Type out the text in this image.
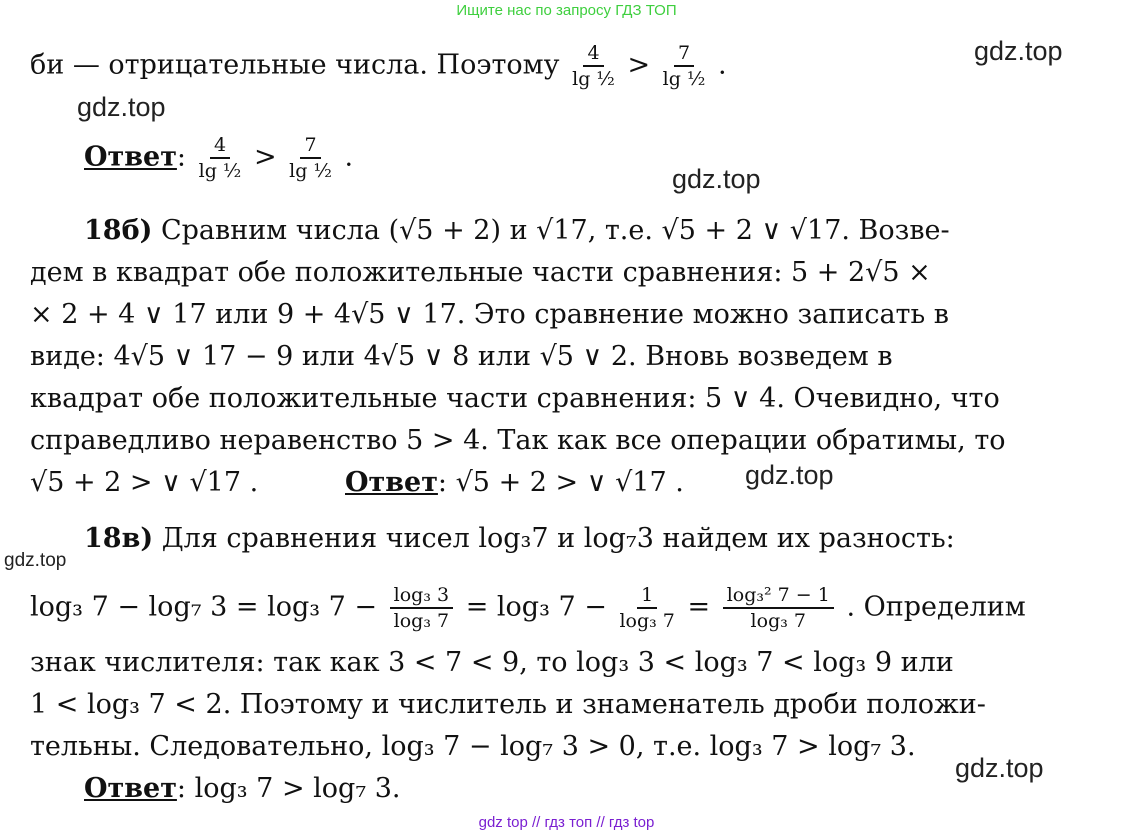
Ищите нас по запросу ГДЗ ТОП
gdz.top
gdz.top
gdz.top
gdz.top
gdz.top
gdz.top
би — отрицательные числа. Поэтому $\frac{4}{\text{lg ½}} > \frac{7}{\text{lg ½}}$ .
Ответ: $\frac{4}{\text{lg ½}} > \frac{7}{\text{lg ½}}$ .
18б) Сравним числа (√5 + 2) и √17, т.е. √5 + 2 ∨ √17. Возве-
дем в квадрат обе положительные части сравнения: 5 + 2√5 ×
× 2 + 4 ∨ 17 или 9 + 4√5 ∨ 17. Это сравнение можно записать в
виде: 4√5 ∨ 17 − 9 или 4√5 ∨ 8 или √5 ∨ 2. Вновь возведем в
квадрат обе положительные части сравнения: 5 ∨ 4. Очевидно, что
справедливо неравенство 5 > 4. Так как все операции обратимы, то
√5 + 2 > ∨ √17 .	Ответ: √5 + 2 > ∨ √17 .
18в) Для сравнения чисел log₃7 и log₇3 найдем их разность:
log₃ 7 − log₇ 3 = log₃ $7 - \frac{\text{log₃ 3}}{\text{log₃ 7}} = \log_3$ $7 - \frac{1}{\text{log₃ 7}} = \frac{\text{log₃² 7 − 1}}{\text{log₃ 7}}$ . Определим
знак числителя: так как 3 < 7 < 9, то log₃ 3 < log₃ 7 < log₃ 9 или
1 < log₃ 7 < 2. Поэтому и числитель и знаменатель дроби положи-
тельны. Следовательно, log₃ 7 − log₇ 3 > 0, т.е. log₃ 7 > log₇ 3.
Ответ: log₃ 7 > log₇ 3.
gdz top // гдз топ // гдз top
